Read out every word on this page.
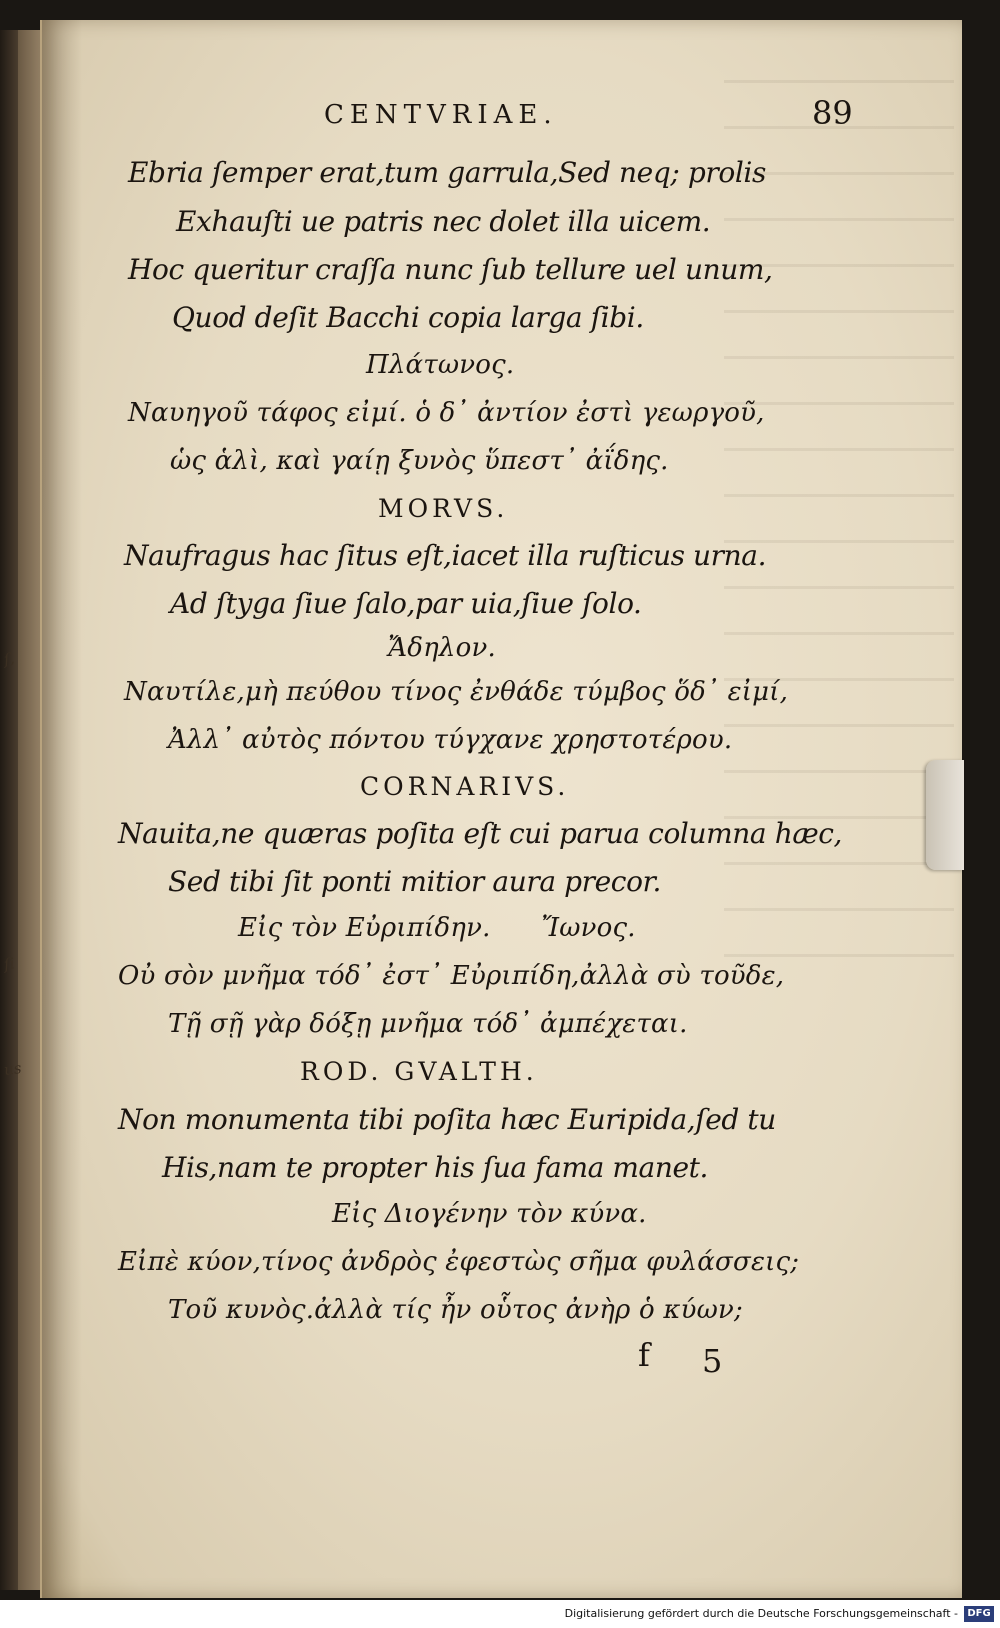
ſ,
ſi
us
CENTVRIAE.	89
Ebria ſemper erat,tum garrula,Sed neq; prolis
Exhauſti ue patris nec dolet illa uicem.
Hoc queritur craſſa nunc ſub tellure uel unum,
Quod deſit Bacchi copia larga ſibi.
Πλάτωνος.
Ναυηγοῦ τάφος εἰμί. ὁ δ᾽ ἀντίον ἐστὶ γεωργοῦ,
ὡς ἁλὶ, καὶ γαίῃ ξυνὸς ὕπεστ᾽ ἀΐδης.
MORVS.
Naufragus hac ſitus eſt,iacet illa ruſticus urna.
Ad ſtyga ſiue ſalo,par uia,ſiue ſolo.
Ἄδηλον.
Ναυτίλε,μὴ πεύθου τίνος ἐνθάδε τύμβος ὅδ᾽ εἰμί,
Ἀλλ᾽ αὐτὸς πόντου τύγχανε χρηστοτέρου.
CORNARIVS.
Nauita,ne quæras poſita eſt cui parua columna hæc,
Sed tibi ſit ponti mitior aura precor.
Εἰς τὸν Εὐριπίδην.      Ἴωνος.
Οὐ σὸν μνῆμα τόδ᾽ ἐστ᾽ Εὐριπίδη,ἀλλὰ σὺ τοῦδε,
Τῇ σῇ γὰρ δόξῃ μνῆμα τόδ᾽ ἀμπέχεται.
ROD. GVALTH.
Non monumenta tibi poſita hæc Euripida,ſed tu
His,nam te propter his ſua fama manet.
Εἰς Διογένην τὸν κύνα.
Εἰπὲ κύον,τίνος ἀνδρὸς ἐφεστὼς σῆμα φυλάσσεις;
Τοῦ κυνὸς.ἀλλὰ τίς ἦν οὗτος ἀνὴρ ὁ κύων;
f 5
Digitalisierung gefördert durch die Deutsche Forschungsgemeinschaft - DFG
